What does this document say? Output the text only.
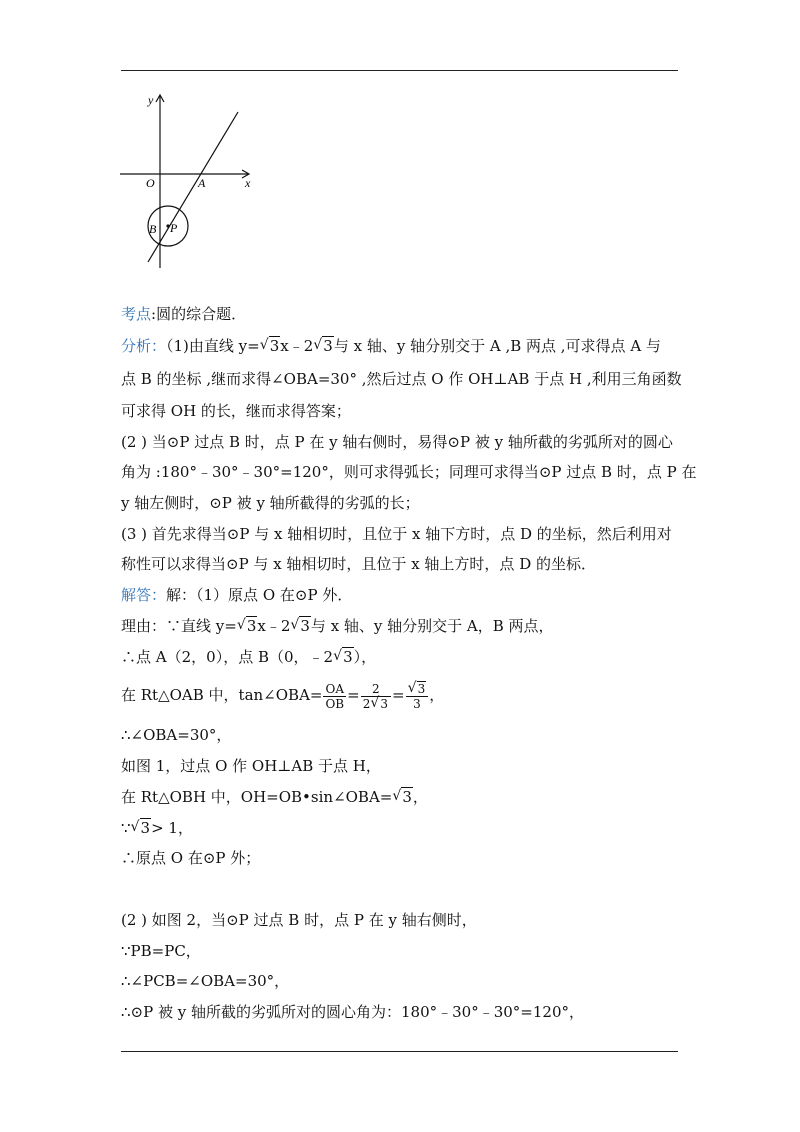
y
x
O	A
B P
考点:圆的综合题．
分析：（1)由直线 y= √ 3x﹣2 √ 3与 x 轴、y 轴分别交于 A ,B 两点 ,可求得点 A 与
点 B 的坐标 ,继而求得∠OBA=30° ,然后过点 O 作 OH⊥AB 于点 H ,利用三角函数
可求得 OH 的长，继而求得答案；
(2 ) 当⊙P 过点 B 时，点 P 在 y 轴右侧时，易得⊙P 被 y 轴所截的劣弧所对的圆心
角为 :180°﹣30°﹣30°=120°，则可求得弧长；同理可求得当⊙P 过点 B 时，点 P 在
y 轴左侧时，⊙P 被 y 轴所截得的劣弧的长；
(3 ) 首先求得当⊙P 与 x 轴相切时，且位于 x 轴下方时，点 D 的坐标，然后利用对
称性可以求得当⊙P 与 x 轴相切时，且位于 x 轴上方时，点 D 的坐标．
解答：解：（1）原点 O 在⊙P 外．
理由：∵直线 y= √ 3x﹣2 √ 3与 x 轴、y 轴分别交于 A，B 两点，
∴点 A（2，0），点 B（0，﹣2 √ 3），
在 Rt△OAB 中，tan∠OBA= $\frac{OA}{OB} = \frac{2}{2 √ 3}$ = √ $\frac{3}{3}$ ，
∴∠OBA=30°，
如图 1，过点 O 作 OH⊥AB 于点 H，
在 Rt△OBH 中，OH=OB•sin∠OBA= √ 3，
∵ √ 3> 1，
∴原点 O 在⊙P 外；
(2 ) 如图 2，当⊙P 过点 B 时，点 P 在 y 轴右侧时，
∵PB=PC，
∴∠PCB=∠OBA=30°，
∴⊙P 被 y 轴所截的劣弧所对的圆心角为：180°﹣30°﹣30°=120°，
